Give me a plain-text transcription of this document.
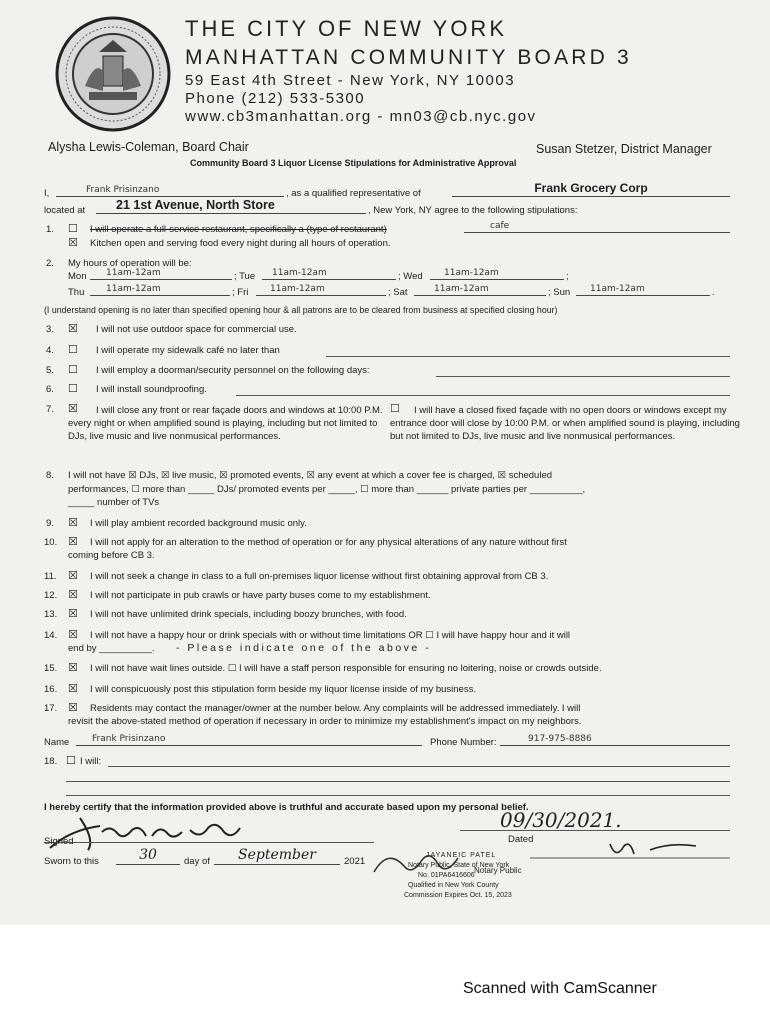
THE CITY OF NEW YORK
MANHATTAN COMMUNITY BOARD 3
59 East 4th Street - New York, NY 10003
Phone (212) 533-5300
www.cb3manhattan.org - mn03@cb.nyc.gov
Alysha Lewis-Coleman, Board Chair	Susan Stetzer, District Manager
Community Board 3 Liquor License Stipulations for Administrative Approval
I,	Frank Prisinzano	, as a qualified representative of	Frank Grocery Corp
located at 21 1st Avenue, North Store	, New York, NY agree to the following stipulations:
1. ☐	I will operate a full-service restaurant, specifically a (type of restaurant)	cafe
☒	Kitchen open and serving food every night during all hours of operation.
2. My hours of operation will be:
Mon 11am-12am	; Tue 11am-12am	; Wed 11am-12am	;
Thu 11am-12am	; Fri 11am-12am	; Sat	11am-12am	; Sun 11am-12am	.
(I understand opening is no later than specified opening hour & all patrons are to be cleared from business at specified closing hour)
3. ☒	I will not use outdoor space for commercial use.
4. ☐	I will operate my sidewalk café no later than
5. ☐	I will employ a doorman/security personnel on the following days:
6. ☐	I will install soundproofing.
7. ☒	I will close any front or rear façade doors and windows at 10:00 P.M. every night or when amplified sound is playing, including but not limited to DJs, live music and live nonmusical performances.
☐	I will have a closed fixed façade with no open doors or windows except my entrance door will close by 10:00 P.M. or when amplified sound is playing, including but not limited to DJs, live music and live nonmusical performances.
8. I will not have ☒ DJs, ☒ live music, ☒ promoted events, ☒ any event at which a cover fee is charged, ☒ scheduled
performances, ☐ more than _____ DJs/ promoted events per _____, ☐ more than ______ private parties per __________,
_____ number of TVs
9. ☒	I will play ambient recorded background music only.
10. ☒	I will not apply for an alteration to the method of operation or for any physical alterations of any nature without first
coming before CB 3.
11. ☒	I will not seek a change in class to a full on-premises liquor license without first obtaining approval from CB 3.
12. ☒	I will not participate in pub crawls or have party buses come to my establishment.
13. ☒	I will not have unlimited drink specials, including boozy brunches, with food.
14. ☒	I will not have a happy hour or drink specials with or without time limitations OR ☐ I will have happy hour and it will
end by __________. - Please indicate one of the above -
15. ☒	I will not have wait lines outside. ☐ I will have a staff person responsible for ensuring no loitering, noise or crowds outside.
16. ☒	I will conspicuously post this stipulation form beside my liquor license inside of my business.
17. ☒	Residents may contact the manager/owner at the number below. Any complaints will be addressed immediately. I will
revisit the above-stated method of operation if necessary in order to minimize my establishment's impact on my neighbors.
Name	Frank Prisinzano	Phone Number:	917-975-8886
18. ☐ I will:
I hereby certify that the information provided above is truthful and accurate based upon my personal belief.
Signed
09/30/2021.
Dated
Sworn to this	30	day of	September	2021
JAYANEIC PATEL
Notary Public, State of New York
No. 01PA6416606
Notary Public
Qualified in New York County
Commission Expires Oct. 15, 2023
Scanned with CamScanner
